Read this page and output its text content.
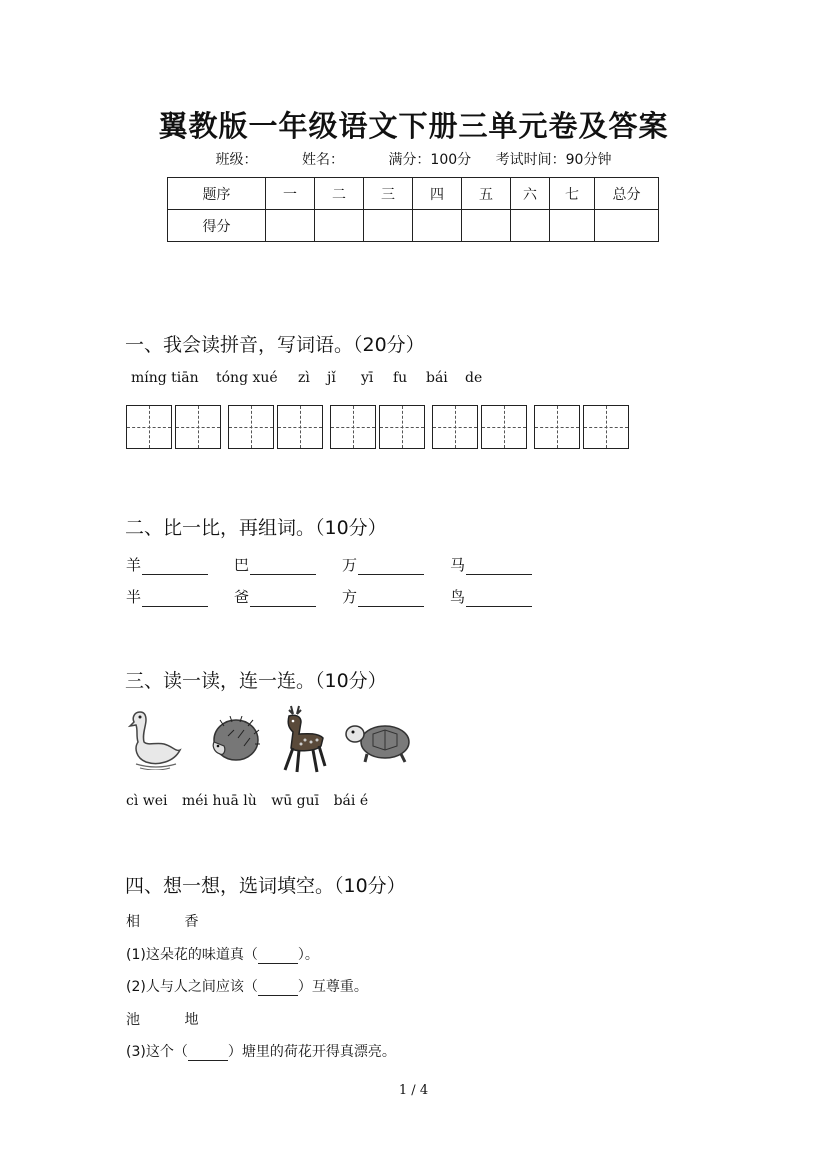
翼教版一年级语文下册三单元卷及答案
班级：	姓名：	满分：100分 考试时间：90分钟
题序	一	二	三	四	五	六	七	总分
得分								
一、我会读拼音，写词语。（20分）
míng tiān tóng xué zì jǐ yī fu bái de
二、比一比，再组词。（10分）
羊	巴	万	马
半	爸	方	鸟
三、读一读，连一连。（10分）
cì wei méi huā lù wū guī bái é
四、想一想，选词填空。（10分）
相	香
(1)这朵花的味道真（	）。
(2)人与人之间应该（	）互尊重。
池	地
(3)这个（	）塘里的荷花开得真漂亮。
1 / 4
